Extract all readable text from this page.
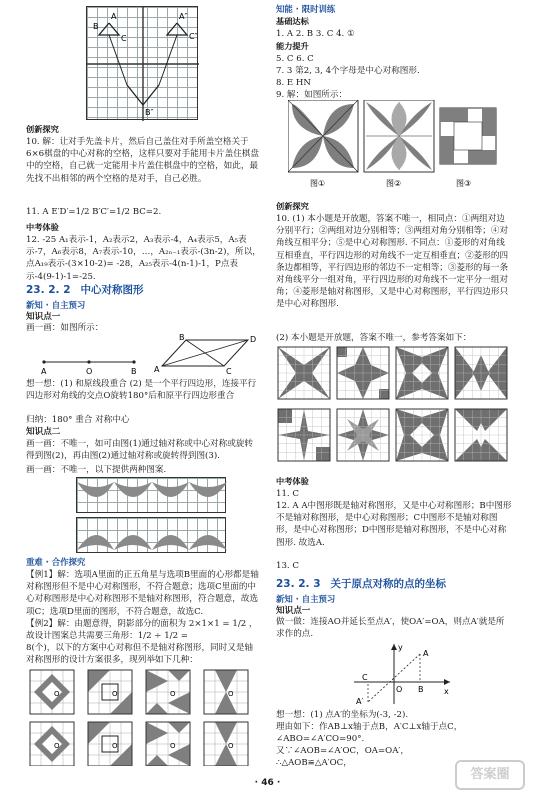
B
A
C
A″
C″
B″
创新探究
10. 解：让对手先盖卡片，然后自己盖住对手所盖空格关于6×6棋盘的中心对称的空格，这样只要对手能用卡片盖住棋盘中的空格，自己就一定能用卡片盖住棋盘中的空格，如此，最先找不出相邻的两个空格的是对手，自己必胜。
11. A E′D′=1/2 B′C′=1/2 BC=2.
中考体验
12. -25 A₁表示-1，A₂表示2，A₃表示-4，A₄表示5，A₅表示-7，A₆表示8，A₇表示-10，…，A₂ₙ₋₁表示-(3n-2)，所以，点A₁₉表示-(3×10-2)= -28，A₂₅表示-4(n-1)-1，P点表示-4(9-1)-1=-25.
23. 2. 2 中心对称图形
新知 · 自主预习
知识点一
画一画：如图所示：
A	O	B A
B	D
C
想一想：(1) 和原线段重合 (2) 是一个平行四边形，连接平行四边形对角线的交点O旋转180°后和原平行四边形重合
归纳：180° 重合 对称中心
知识点二
画一画：不唯一，如可由图(1)通过轴对称或中心对称或旋转得到图(2)，再由图(2)通过轴对称或旋转得到图(3).
画一画：不唯一，以下提供两种图案.
重难 · 合作探究
【例1】解：选项A里面的正五角星与选项B里面的心形都是轴对称图形但不是中心对称图形，不符合题意；选项C里面的中心对称图形是中心对称图形不是轴对称图形，符合题意，故选项C；选项D里面的图形，不符合题意，故选C.
【例2】解：由题意得，阴影部分的面积为 2×1×1 = 1/2 ，故设计图案总共需要三角形：1/2 ÷ 1/2 =
8(个)，以下的方案中心对称但不是轴对称图形，同时又是轴对称图形的设计方案很多，现列举如下几种：
O	O	O	O
O	O	O	O
知能 · 限时训练
基础达标
1. A 2. B 3. C 4. ①
能力提升
5. C 6. C
7. 3 第2, 3, 4个字母是中心对称图形.
8. E HN
9. 解：如图所示：
图①	图②	图③
创新探究
10. (1) 本小题是开放题，答案不唯一，相同点：①两组对边分别平行；②两组对边分别相等；③两组对角分别相等；④对角线互相平分；⑤是中心对称图形. 不同点：①菱形的对角线互相垂直，平行四边形的对角线不一定互相垂直；②菱形的四条边都相等，平行四边形的邻边不一定相等；③菱形的每一条对角线平分一组对角，平行四边形的对角线不一定平分一组对角；④菱形是轴对称图形，又是中心对称图形，平行四边形只是中心对称图形.
(2) 本小题是开放题，答案不唯一，参考答案如下：
中考体验
11. C
12. A A中图形既是轴对称图形，又是中心对称图形；B中图形不是轴对称图形，是中心对称图形；C中图形不是轴对称图形，是中心对称图形；D中图形是轴对称图形，不是中心对称图形. 故选A.
13. C
23. 2. 3 关于原点对称的点的坐标
新知 · 自主预习
知识点一
做一做：连接AO并延长至点A′，使OA′=OA，则点A′就是所求作的点.
y
x
A
O B
A′
C
想一想：(1) 点A′的坐标为(-3, -2).
理由如下：作AB⊥x轴于点B，A′C⊥x轴于点C，∠ABO=∠A′CO=90°.
又∵∠AOB=∠A′OC，OA=OA′，
∴△AOB≌△A′OC，
· 46 ·
答案圈
